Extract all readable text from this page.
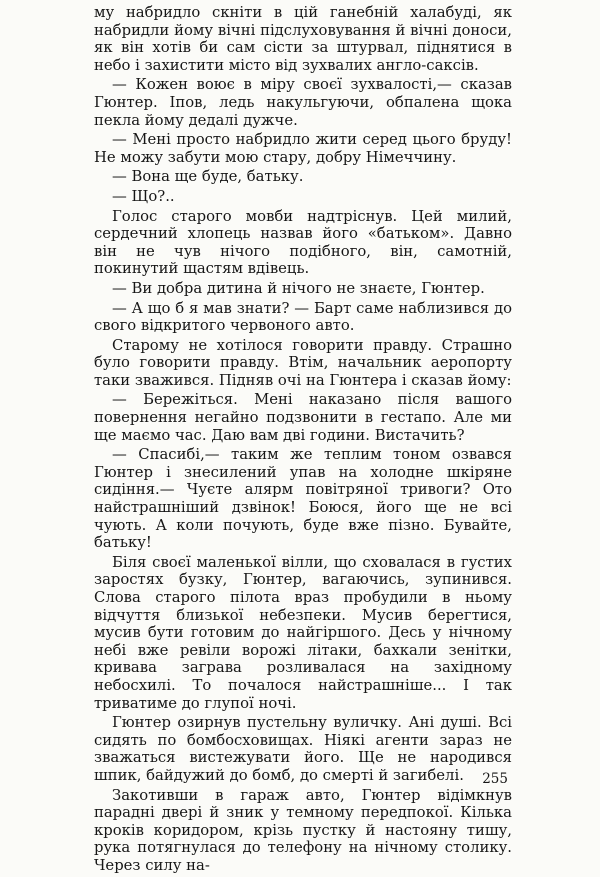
му набридло скніти в цій ганебній халабуді, як набридли йому вічні підслуховування й вічні доноси, як він хотів би сам сісти за штурвал, піднятися в небо і захистити місто від зухвалих англо-саксів.

— Кожен воює в міру своєї зухвалості,— сказав Гюнтер. Іпов, ледь накульгуючи, обпалена щока пекла йому дедалі дужче.

— Мені просто набридло жити серед цього бруду! Не можу забути мою стару, добру Німеччину.

— Вона ще буде, батьку.

— Що?..

Голос старого мовби надтріснув. Цей милий, сердечний хлопець назвав його «батьком». Давно він не чув нічого подібного, він, самотній, покинутий щастям вдівець.

— Ви добра дитина й нічого не знаєте, Гюнтер.

— А що б я мав знати? — Барт саме наблизився до свого відкритого червоного авто.

Старому не хотілося говорити правду. Страшно було говорити правду. Втім, начальник аеропорту таки зважився. Підняв очі на Гюнтера і сказав йому:

— Бережіться. Мені наказано після вашого повернення негайно подзвонити в гестапо. Але ми ще маємо час. Даю вам дві години. Вистачить?

— Спасибі,— таким же теплим тоном озвався Гюнтер і знесилений упав на холодне шкіряне сидіння.— Чуєте алярм повітряної тривоги? Ото найстрашніший дзвінок! Боюся, його ще не всі чують. А коли почують, буде вже пізно. Бувайте, батьку!

Біля своєї маленької вілли, що сховалася в густих заростях бузку, Гюнтер, вагаючись, зупинився. Слова старого пілота враз пробудили в ньому відчуття близької небезпеки. Мусив берегтися, мусив бути готовим до найгіршого. Десь у нічному небі вже ревіли ворожі літаки, бахкали зенітки, кривава заграва розливалася на західному небосхилі. То почалося найстрашніше... І так триватиме до глупої ночі.

Гюнтер озирнув пустельну вуличку. Ані душі. Всі сидять по бомбосховищах. Ніякі агенти зараз не зважаться вистежувати його. Ще не народився шпик, байдужий до бомб, до смерті й загибелі.

Закотивши в гараж авто, Гюнтер відімкнув парадні двері й зник у темному передпокої. Кілька кроків коридором, крізь пустку й настояну тишу, рука потягнулася до телефону на нічному столику. Через силу на-

255
